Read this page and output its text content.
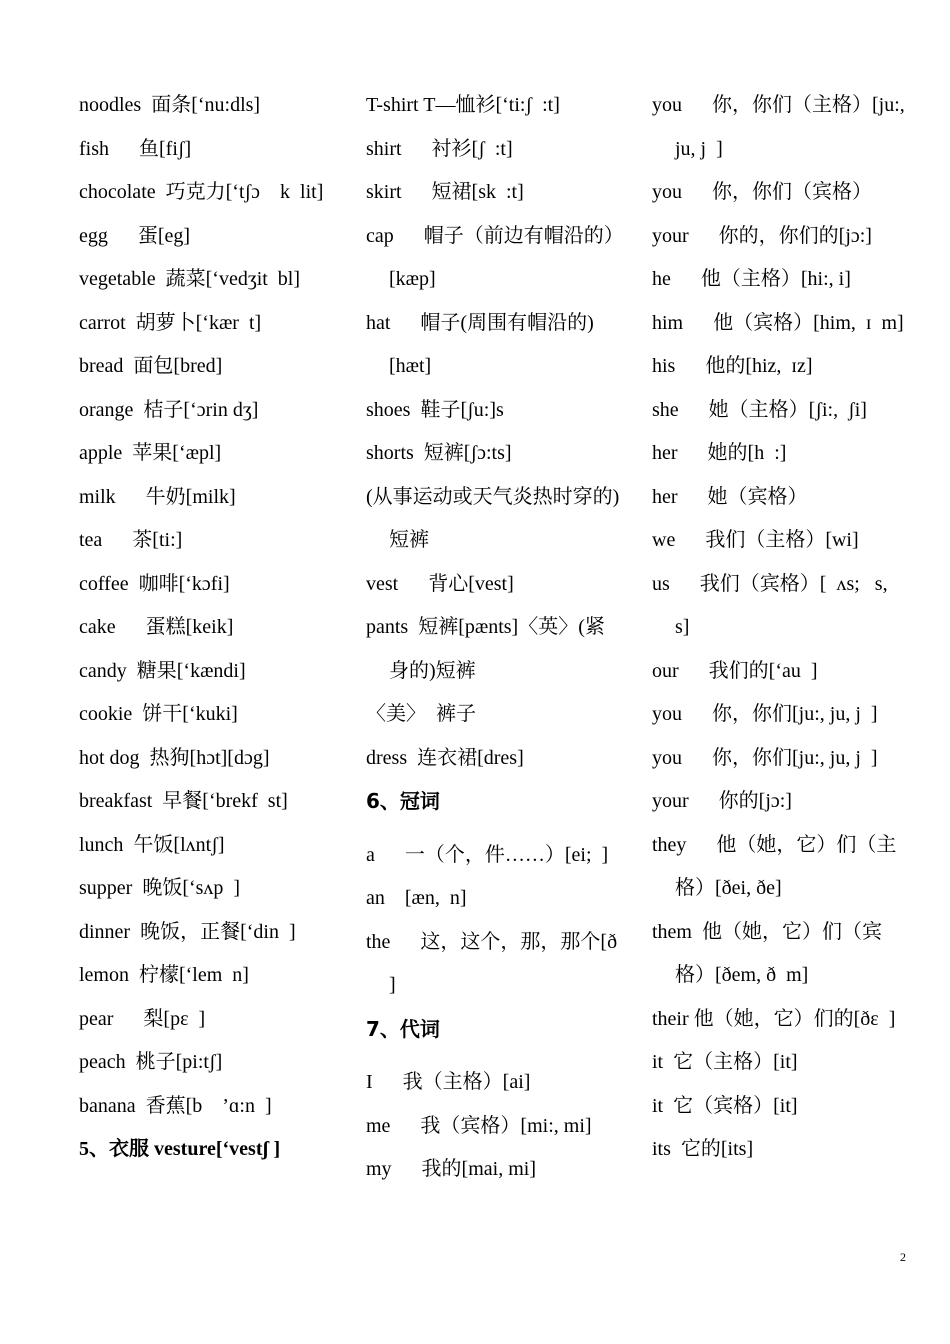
noodles  面条[‘nu:dls]
fish      鱼[fiʃ]
chocolate  巧克力[‘tʃɔ    k  lit]
egg      蛋[eg]
vegetable  蔬菜[‘vedʒit  bl]
carrot  胡萝卜[‘kær  t]
bread  面包[bred]
orange  桔子[‘ɔrin dʒ]
apple  苹果[‘æpl]
milk      牛奶[milk]
tea      茶[ti:]
coffee  咖啡[‘kɔfi]
cake      蛋糕[keik]
candy  糖果[‘kændi]
cookie  饼干[‘kuki]
hot dog  热狗[hɔt][dɔg]
breakfast  早餐[‘brekf  st]
lunch  午饭[lʌntʃ]
supper  晚饭[‘sʌp  ]
dinner  晚饭，正餐[‘din  ]
lemon  柠檬[‘lem  n]
pear      梨[pɛ  ]
peach  桃子[pi:tʃ]
banana  香蕉[b    ’ɑ:n  ]
5、衣服 vesture[‘vestʃ ]
T-shirt T—恤衫[‘ti:ʃ  :t]
shirt      衬衫[ʃ  :t]
skirt      短裙[sk  :t]
cap      帽子（前边有帽沿的）[kæp]
hat      帽子(周围有帽沿的)[hæt]
shoes  鞋子[ʃu:]s
shorts  短裤[ʃɔ:ts]
(从事运动或天气炎热时穿的)短裤
vest      背心[vest]
pants  短裤[pænts]〈英〉(紧身的)短裤
〈美〉  裤子
dress  连衣裙[dres]
6、冠词
a      一（个，件……）[ei;  ]
an    [æn,  n]
the      这，这个，那，那个[ð  ]
7、代词
I      我（主格）[ai]
me      我（宾格）[mi:, mi]
my      我的[mai, mi]
you      你，你们（主格）[ju:, ju, j  ]
you      你，你们（宾格）
your      你的，你们的[jɔ:]
he      他（主格）[hi:, i]
him      他（宾格）[him,  ɪ  m]
his      他的[hiz,  ɪz]
she      她（主格）[ʃi:,  ʃi]
her      她的[h  :]
her      她（宾格）
we      我们（主格）[wi]
us      我们（宾格）[  ʌs;   s,  s]
our      我们的[‘au  ]
you      你，你们[ju:, ju, j  ]
you      你，你们[ju:, ju, j  ]
your      你的[jɔ:]
they      他（她，它）们（主格）[ðei, ðe]
them  他（她，它）们（宾格）[ðem, ð  m]
their 他（她，它）们的[ðɛ  ]
it  它（主格）[it]
it  它（宾格）[it]
its  它的[its]
2
